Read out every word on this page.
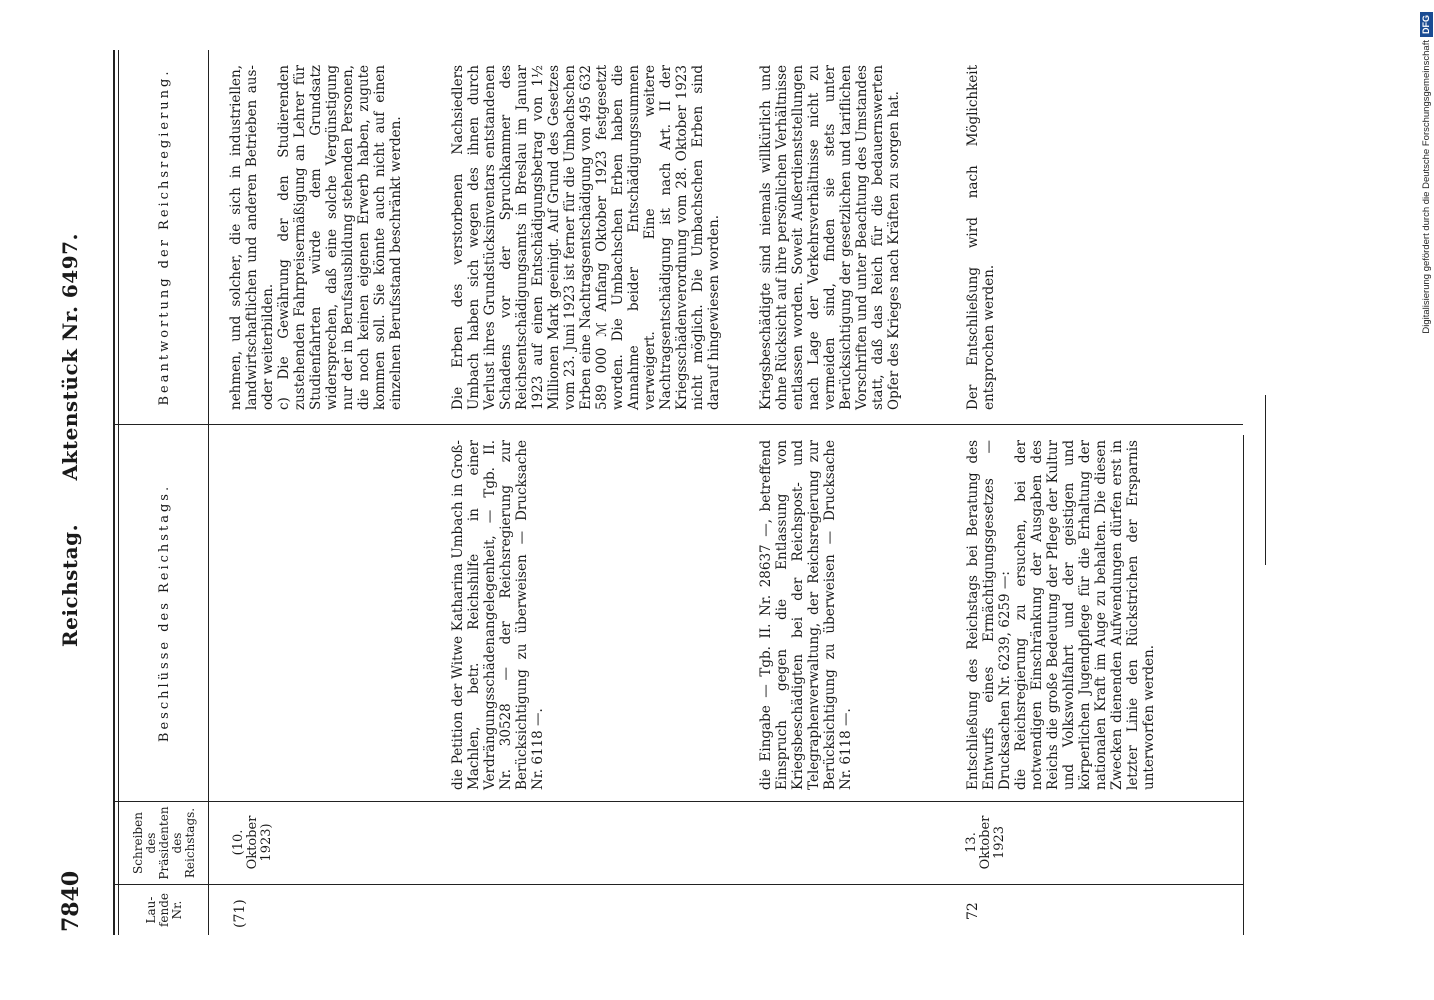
7840
Reichstag. Aktenstück Nr. 6497.
Lau-fende Nr.
Schreiben des Präsidenten des Reichstags.
Beschlüsse des Reichstags.
Beantwortung der Reichsregierung.	nehmen, und solcher, die sich in industriellen, landwirtschaftlichen und anderen Betrieben aus- oder weiterbilden.
c) Die Gewährung der den Studierenden zustehenden Fahrpreisermäßigung an Lehrer für Studienfahrten würde dem Grundsatz widersprechen, daß eine solche Vergünstigung nur der in Berufsausbildung stehenden Personen, die noch keinen eigenen Erwerb haben, zugute kommen soll. Sie könnte auch nicht auf einen einzelnen Berufsstand beschränkt werden.
(71)
(10. Oktober 1923)
die Petition der Witwe Katharina Umbach in Groß-Machlen, betr. Reichshilfe in einer Verdrängungsschädenangelegenheit, — Tgb. II. Nr. 30528 — der Reichsregierung zur Berücksichtigung zu überweisen — Drucksache Nr. 6118 —.
Die Erben des verstorbenen Nachsiedlers Umbach haben sich wegen des ihnen durch Verlust ihres Grundstücksinventars entstandenen Schadens vor der Spruchkammer des Reichsentschädigungsamts in Breslau im Januar 1923 auf einen Entschädigungsbetrag von 1½ Millionen Mark geeinigt. Auf Grund des Gesetzes vom 23. Juni 1923 ist ferner für die Umbachschen Erben eine Nachtragsentschädigung von 495 632 589 000 ℳ Anfang Oktober 1923 festgesetzt worden. Die Umbachschen Erben haben die Annahme beider Entschädigungssummen verweigert. Eine weitere Nachtragsentschädigung ist nach Art. II der Kriegsschädenverordnung vom 28. Oktober 1923 nicht möglich. Die Umbachschen Erben sind darauf hingewiesen worden.
die Eingabe — Tgb. II. Nr. 28637 —, betreffend Einspruch gegen die Entlassung von Kriegsbeschädigten bei der Reichspost- und Telegraphenverwaltung, der Reichsregierung zur Berücksichtigung zu überweisen — Drucksache Nr. 6118 —.
Kriegsbeschädigte sind niemals willkürlich und ohne Rücksicht auf ihre persönlichen Verhältnisse entlassen worden. Soweit Außerdienststellungen nach Lage der Verkehrsverhältnisse nicht zu vermeiden sind, finden sie stets unter Berücksichtigung der gesetzlichen und tariflichen Vorschriften und unter Beachtung des Umstandes statt, daß das Reich für die bedauernswerten Opfer des Krieges nach Kräften zu sorgen hat.
72
13. Oktober 1923
Entschließung des Reichstags bei Beratung des Entwurfs eines Ermächtigungsgesetzes — Drucksachen Nr. 6239, 6259 —:
die Reichsregierung zu ersuchen, bei der notwendigen Einschränkung der Ausgaben des Reichs die große Bedeutung der Pflege der Kultur und Volkswohlfahrt und der geistigen und körperlichen Jugendpflege für die Erhaltung der nationalen Kraft im Auge zu behalten. Die diesen Zwecken dienenden Aufwendungen dürfen erst in letzter Linie den Rückstrichen der Ersparnis unterworfen werden.
Der Entschließung wird nach Möglichkeit entsprochen werden.
Digitalisierung gefördert durch die Deutsche ForschungsgemeinschaftDFG
